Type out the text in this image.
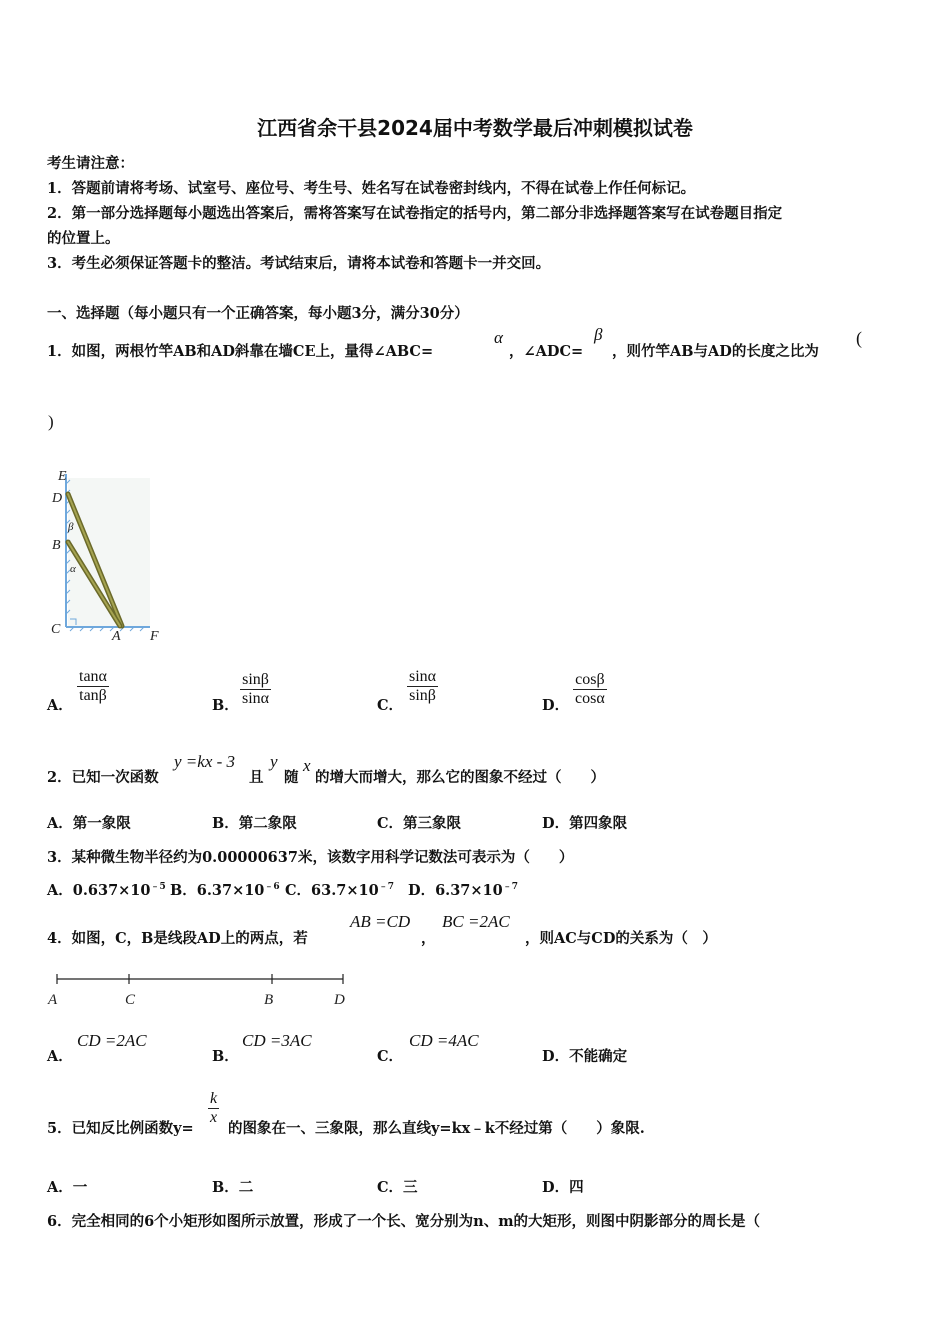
江西省余干县2024届中考数学最后冲刺模拟试卷
考生请注意：
1．答题前请将考场、试室号、座位号、考生号、姓名写在试卷密封线内，不得在试卷上作任何标记。
2．第一部分选择题每小题选出答案后，需将答案写在试卷指定的括号内，第二部分非选择题答案写在试卷题目指定
的位置上。
3．考生必须保证答题卡的整洁。考试结束后，请将本试卷和答题卡一并交回。
一、选择题（每小题只有一个正确答案，每小题3分，满分30分）
1．如图，两根竹竿AB和AD斜靠在墙CE上，量得∠ABC=
α
，∠ADC=
β
，则竹竿AB与AD的长度之比为
(
)
E
D
β
B
α
C	A F
A．
$\frac{\tan\alpha}{\tan\beta}$
B． $\frac{\sin\beta}{\sin\alpha}$	C．
$\frac{\sin\alpha}{\sin\beta}$
D． $\frac{\cos\beta}{\cos\alpha}$
2．已知一次函数
y =kx - 3
且
y
随
x
的增大而增大，那么它的图象不经过（　　）
A．第一象限	B．第二象限	C．第三象限	D．第四象限
3．某种微生物半径约为0.00000637米，该数字用科学记数法可表示为（　　）
A．$0.637\times 10^{﹣5}$ B．$6.37\times 10^{﹣6}$ C．$63.7\times 10^{﹣7}$ D．$6.37\times 10^{﹣7}$
4．如图，C，B是线段AD上的两点，若
AB =CD
，
BC =2AC
，则AC与CD的关系为（　）
A	C	B	D
A．
CD =2AC
B．
CD =3AC
C．
CD =4AC
D．不能确定
5．已知反比例函数y=
$\frac{k}{x}$
的图象在一、三象限，那么直线y=kx﹣k不经过第（　　）象限.
A．一	B．二	C．三	D．四
6．完全相同的6个小矩形如图所示放置，形成了一个长、宽分别为n、m的大矩形，则图中阴影部分的周长是（
